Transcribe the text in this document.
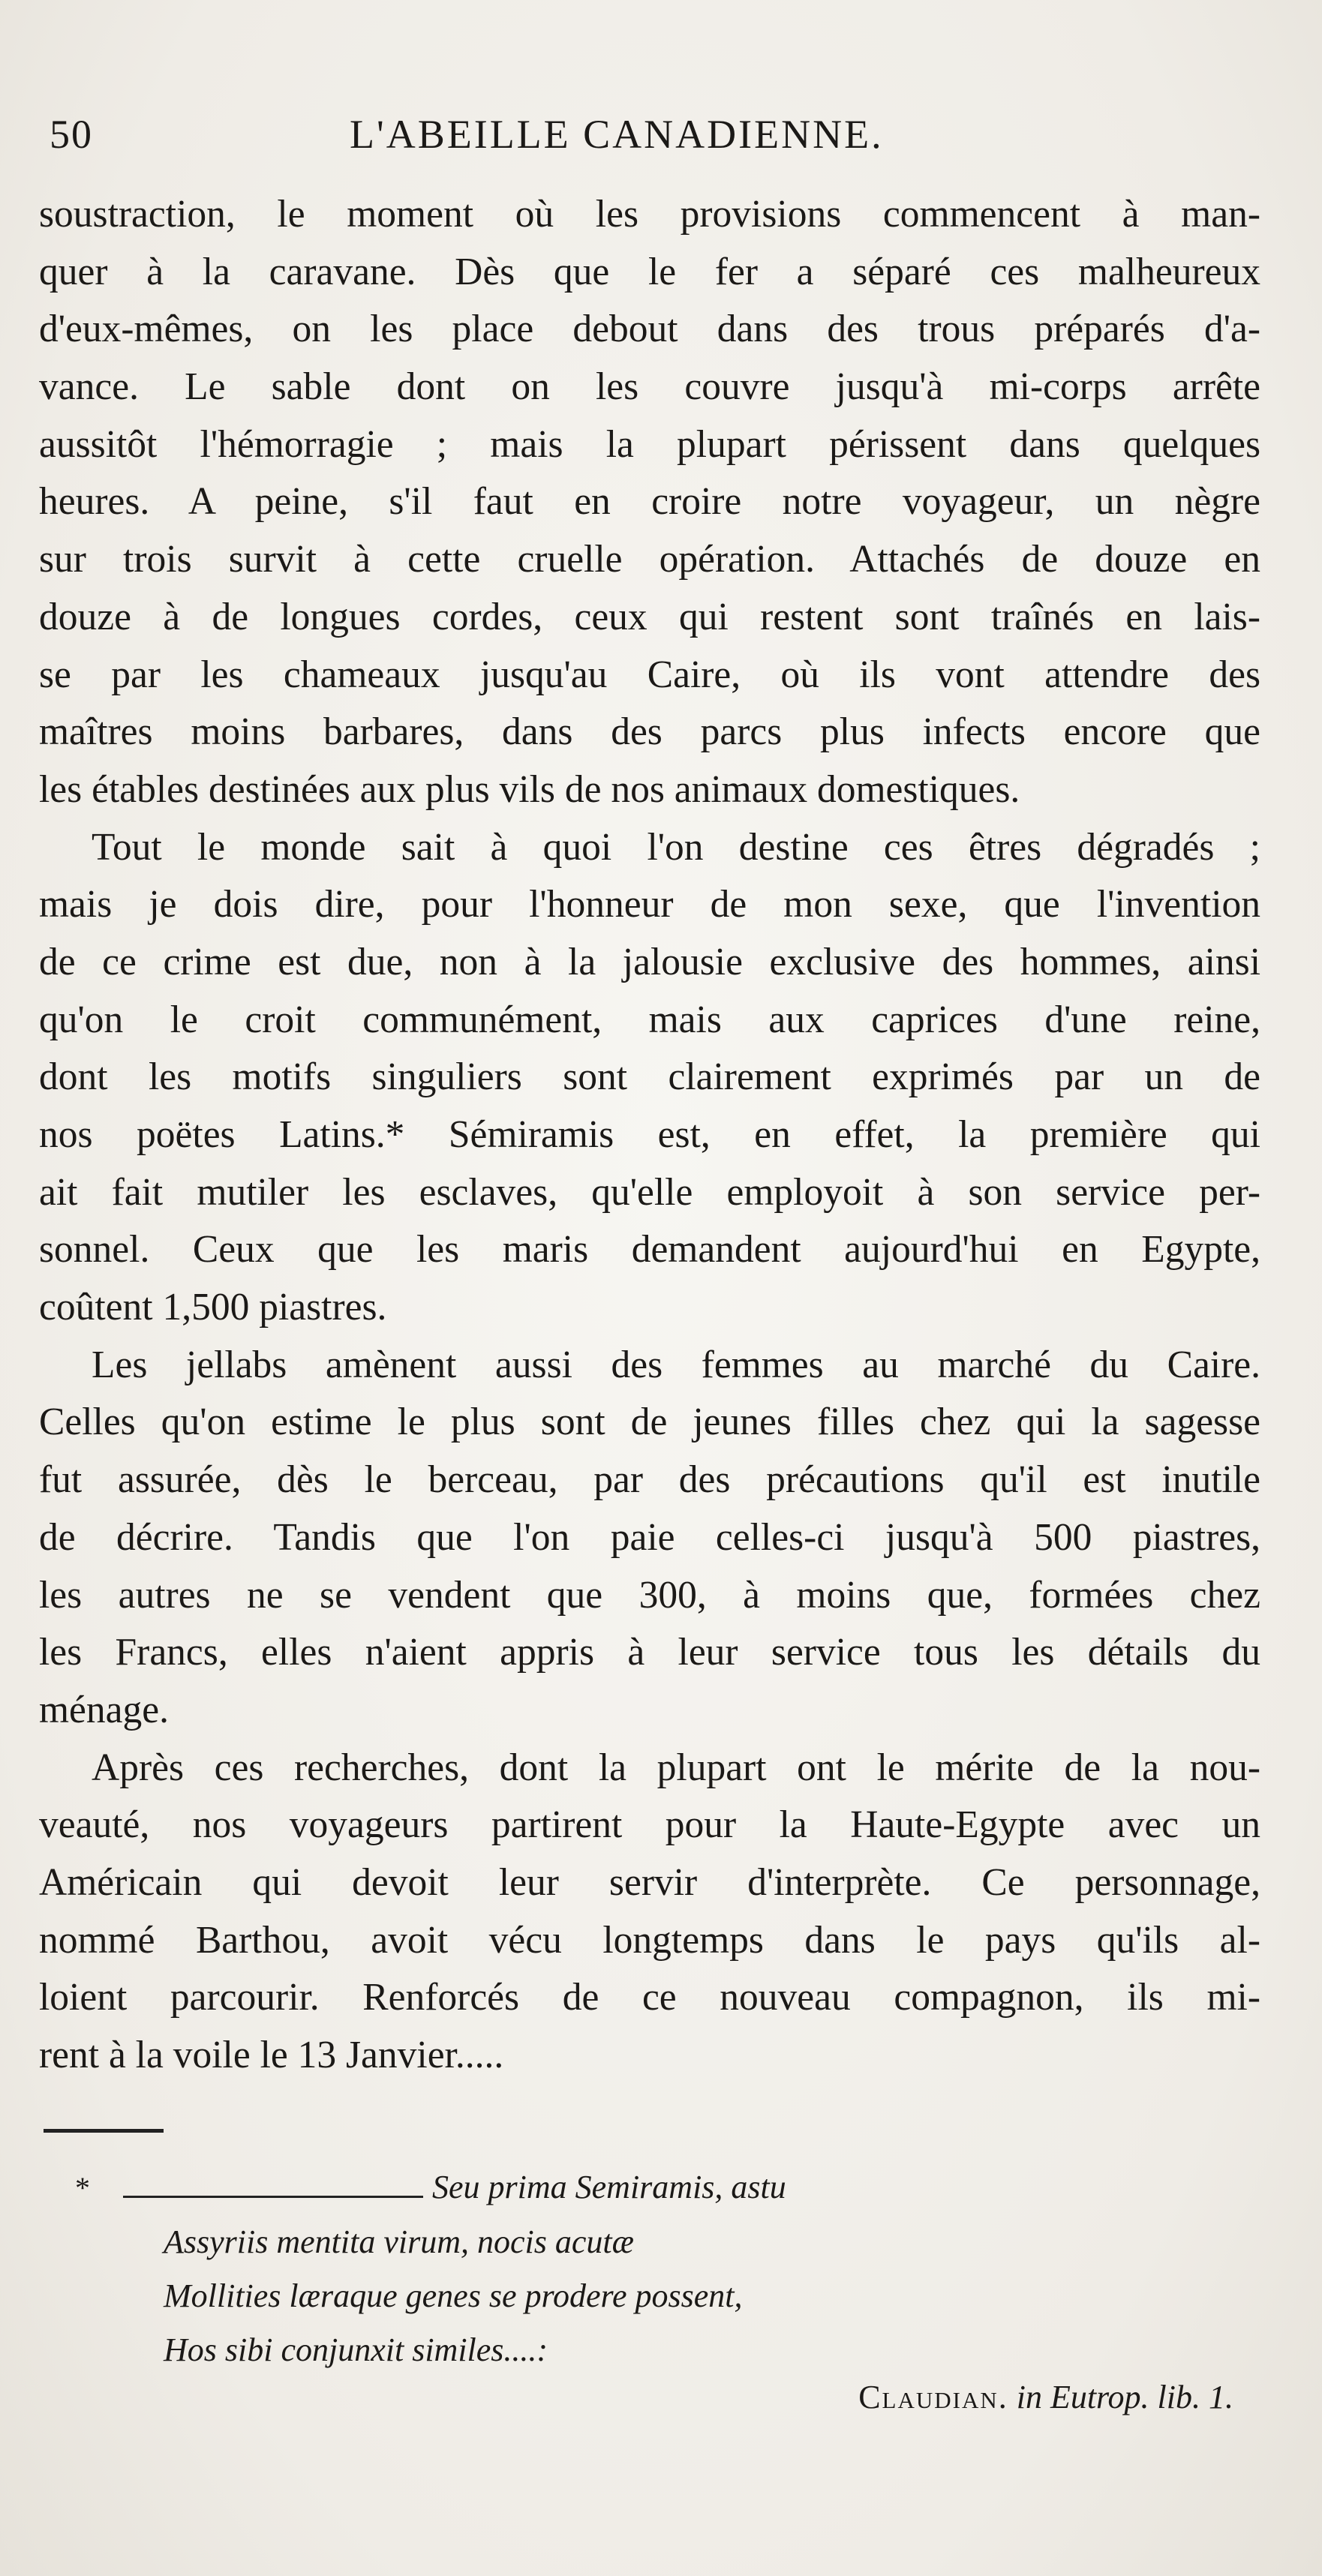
50	L'ABEILLE CANADIENNE.
soustraction, le moment où les provisions commencent à man-
quer à la caravane. Dès que le fer a séparé ces malheureux
d'eux-mêmes, on les place debout dans des trous préparés d'a-
vance. Le sable dont on les couvre jusqu'à mi-corps arrête
aussitôt l'hémorragie ; mais la plupart périssent dans quelques
heures. A peine, s'il faut en croire notre voyageur, un nègre
sur trois survit à cette cruelle opération. Attachés de douze en
douze à de longues cordes, ceux qui restent sont traînés en lais-
se par les chameaux jusqu'au Caire, où ils vont attendre des
maîtres moins barbares, dans des parcs plus infects encore que
les étables destinées aux plus vils de nos animaux domestiques.
Tout le monde sait à quoi l'on destine ces êtres dégradés ;
mais je dois dire, pour l'honneur de mon sexe, que l'invention
de ce crime est due, non à la jalousie exclusive des hommes, ainsi
qu'on le croit communément, mais aux caprices d'une reine,
dont les motifs singuliers sont clairement exprimés par un de
nos poëtes Latins.* Sémiramis est, en effet, la première qui
ait fait mutiler les esclaves, qu'elle employoit à son service per-
sonnel. Ceux que les maris demandent aujourd'hui en Egypte,
coûtent 1,500 piastres.
Les jellabs amènent aussi des femmes au marché du Caire.
Celles qu'on estime le plus sont de jeunes filles chez qui la sagesse
fut assurée, dès le berceau, par des précautions qu'il est inutile
de décrire. Tandis que l'on paie celles-ci jusqu'à 500 piastres,
les autres ne se vendent que 300, à moins que, formées chez
les Francs, elles n'aient appris à leur service tous les détails du
ménage.
Après ces recherches, dont la plupart ont le mérite de la nou-
veauté, nos voyageurs partirent pour la Haute-Egypte avec un
Américain qui devoit leur servir d'interprète. Ce personnage,
nommé Barthou, avoit vécu longtemps dans le pays qu'ils al-
loient parcourir. Renforcés de ce nouveau compagnon, ils mi-
rent à la voile le 13 Janvier.....
*	Seu prima Semiramis, astu
Assyriis mentita virum, nocis acutæ
Mollities læraque genes se prodere possent,
Hos sibi conjunxit similes....:
Claudian. in Eutrop. lib. 1.
